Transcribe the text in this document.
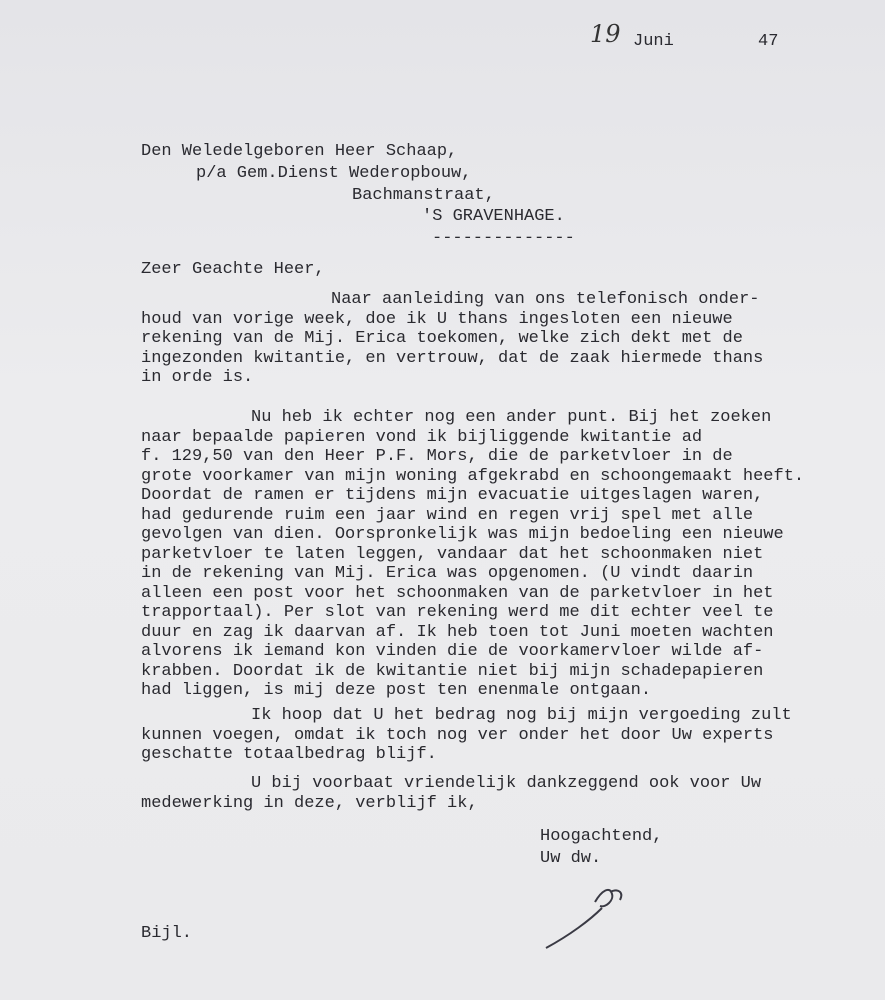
19 Juni	47
Den Weledelgeboren Heer Schaap,
p/a Gem.Dienst Wederopbouw,
Bachmanstraat,
'S GRAVENHAGE.
--------------
Zeer Geachte Heer,
Naar aanleiding van ons telefonisch onder-
houd van vorige week, doe ik U thans ingesloten een nieuwe
rekening van de Mij. Erica toekomen, welke zich dekt met de
ingezonden kwitantie, en vertrouw, dat de zaak hiermede thans
in orde is.
Nu heb ik echter nog een ander punt. Bij het zoeken
naar bepaalde papieren vond ik bijliggende kwitantie ad
f. 129,50 van den Heer P.F. Mors, die de parketvloer in de
grote voorkamer van mijn woning afgekrabd en schoongemaakt heeft.
Doordat de ramen er tijdens mijn evacuatie uitgeslagen waren,
had gedurende ruim een jaar wind en regen vrij spel met alle
gevolgen van dien. Oorspronkelijk was mijn bedoeling een nieuwe
parketvloer te laten leggen, vandaar dat het schoonmaken niet
in de rekening van Mij. Erica was opgenomen. (U vindt daarin
alleen een post voor het schoonmaken van de parketvloer in het
trapportaal). Per slot van rekening werd me dit echter veel te
duur en zag ik daarvan af. Ik heb toen tot Juni moeten wachten
alvorens ik iemand kon vinden die de voorkamervloer wilde af-
krabben. Doordat ik de kwitantie niet bij mijn schadepapieren
had liggen, is mij deze post ten enenmale ontgaan.
Ik hoop dat U het bedrag nog bij mijn vergoeding zult
kunnen voegen, omdat ik toch nog ver onder het door Uw experts
geschatte totaalbedrag blijf.
U bij voorbaat vriendelijk dankzeggend ook voor Uw
medewerking in deze, verblijf ik,
Hoogachtend,
Uw dw.
Bijl.
